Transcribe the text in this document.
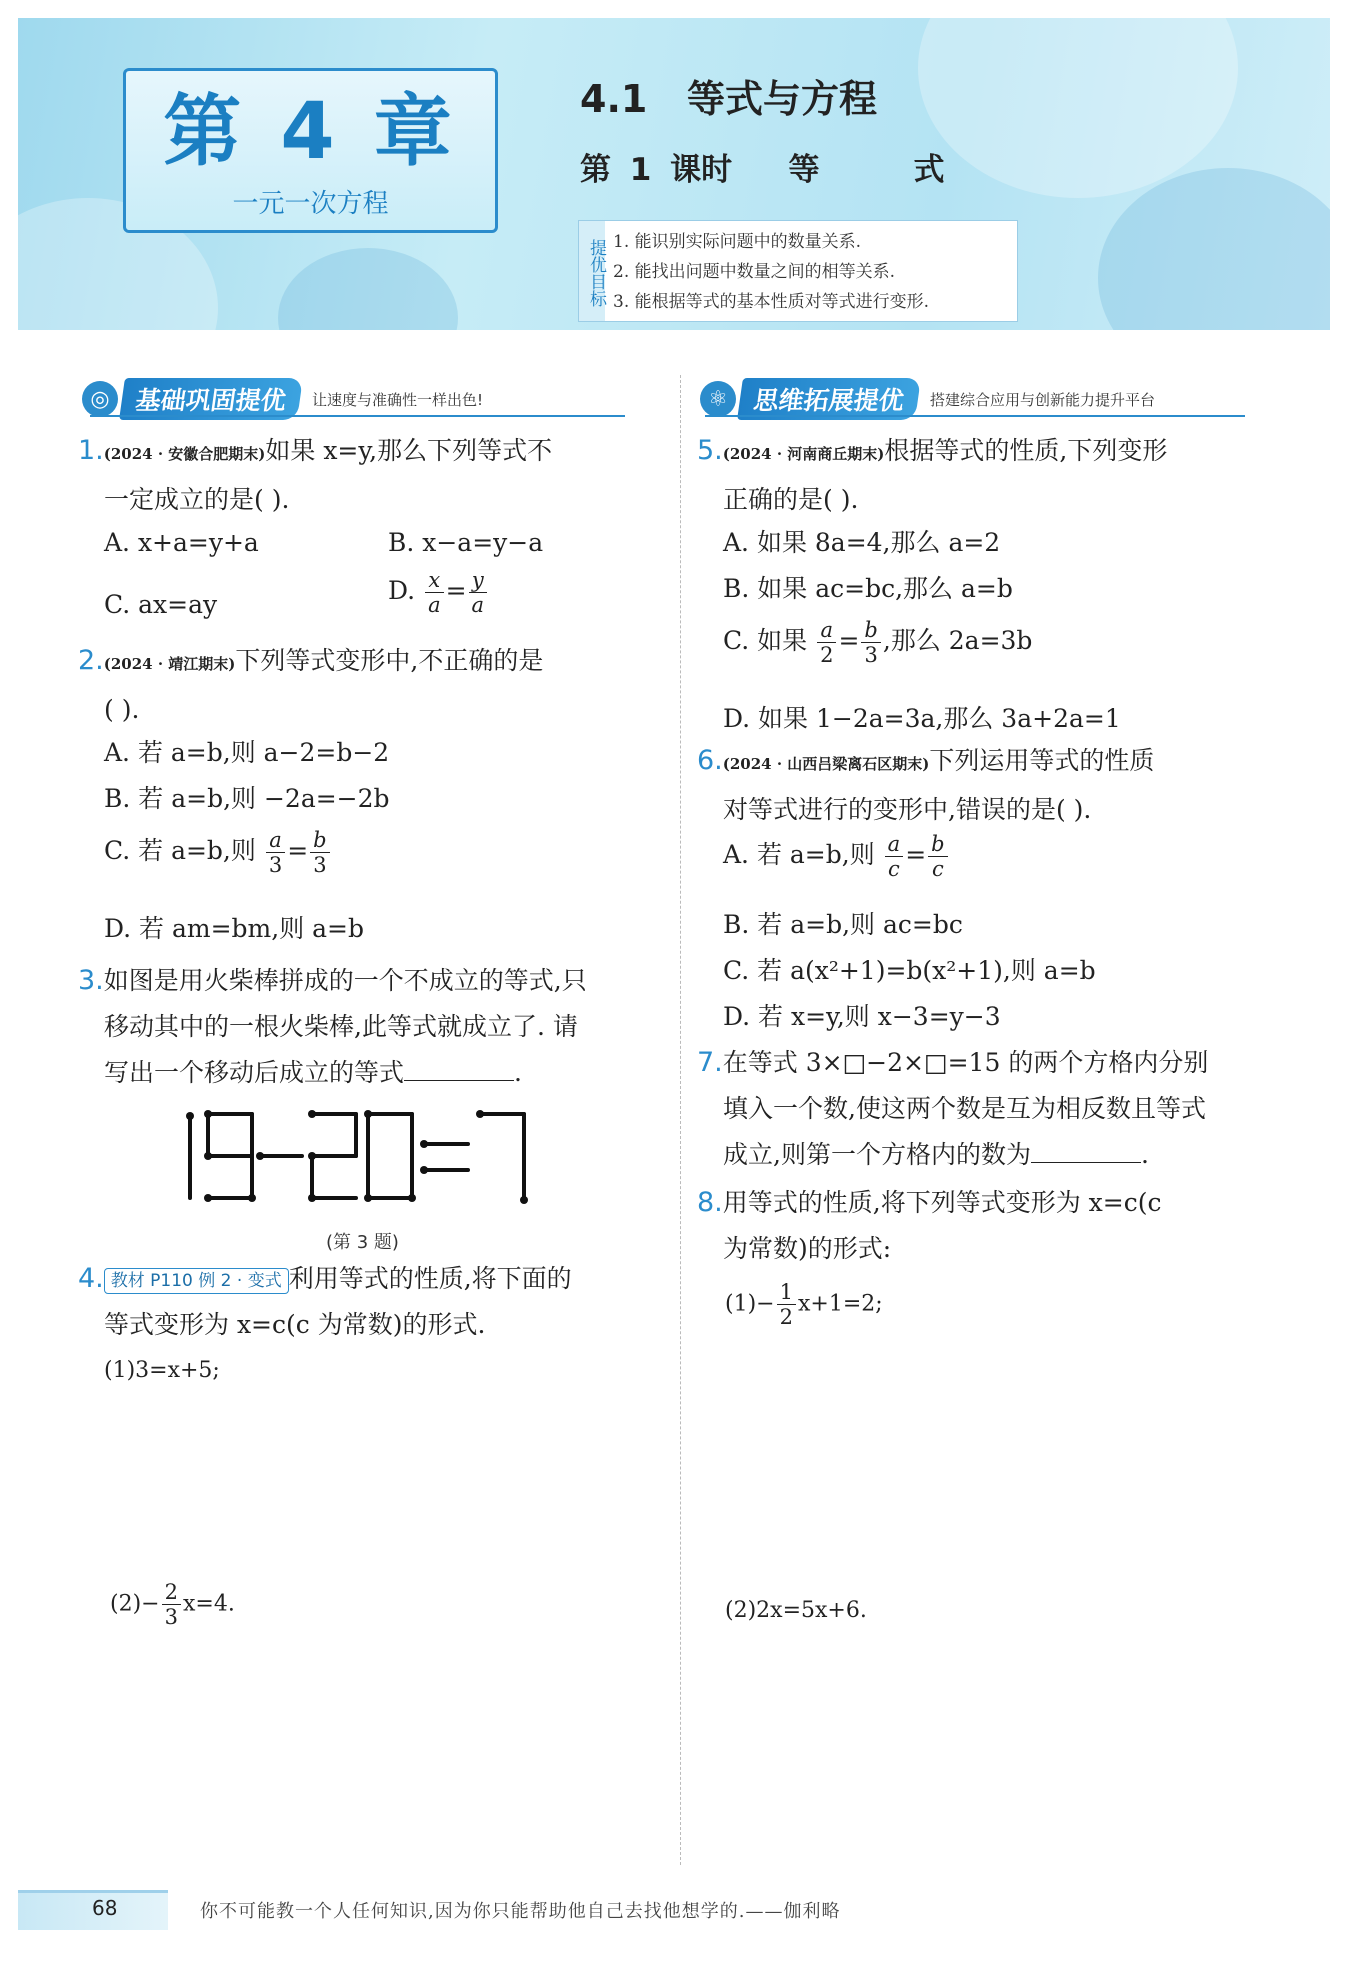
第 4 章
一元一次方程
4.1   等式与方程
第 1 课时   等     式
提优目标 1. 能识别实际问题中的数量关系.
2. 能找出问题中数量之间的相等关系.
3. 能根据等式的基本性质对等式进行变形.
◎ 基础巩固提优	让速度与准确性一样出色!	⚛ 思维拓展提优	搭建综合应用与创新能力提升平台
1.(2024 · 安徽合肥期末)如果 x=y,那么下列等式不
一定成立的是( ).
A. x+a=y+a	B. x−a=y−a
C. ax=ay	D. $\frac{x}{a} = \frac{y}{a}$
2.(2024 · 靖江期末)下列等式变形中,不正确的是
( ).
A. 若 a=b,则 a−2=b−2
B. 若 a=b,则 −2a=−2b
C. 若 a=b,则 $\frac{a}{3} = \frac{b}{3}$
D. 若 am=bm,则 a=b
3.如图是用火柴棒拼成的一个不成立的等式,只
移动其中的一根火柴棒,此等式就成立了. 请
写出一个移动后成立的等式	.
(第 3 题)
4. 教材 P110 例 2 · 变式 利用等式的性质,将下面的
等式变形为 x=c(c 为常数)的形式.
(1)3=x+5;
$(2)- \frac{2}{3} x=4$.
5.(2024 · 河南商丘期末)根据等式的性质,下列变形
正确的是( ).
A. 如果 8a=4,那么 a=2
B. 如果 ac=bc,那么 a=b
C. 如果 $\frac{a}{2} = \frac{b}{3}$ ,那么 2a=3b
D. 如果 1−2a=3a,那么 3a+2a=1
6.(2024 · 山西吕梁离石区期末)下列运用等式的性质
对等式进行的变形中,错误的是( ).
A. 若 a=b,则 $\frac{a}{c} = \frac{b}{c}$
B. 若 a=b,则 ac=bc
C. 若 a(x²+1)=b(x²+1),则 a=b
D. 若 x=y,则 x−3=y−3
7.在等式 3×□−2×□=15 的两个方格内分别
填入一个数,使这两个数是互为相反数且等式
成立,则第一个方格内的数为	.
8.用等式的性质,将下列等式变形为 x=c(c
为常数)的形式:
$(1)- \frac{1}{2} x+1=2$;
(2)2x=5x+6.
68	你不可能教一个人任何知识,因为你只能帮助他自己去找他想学的.——伽利略
